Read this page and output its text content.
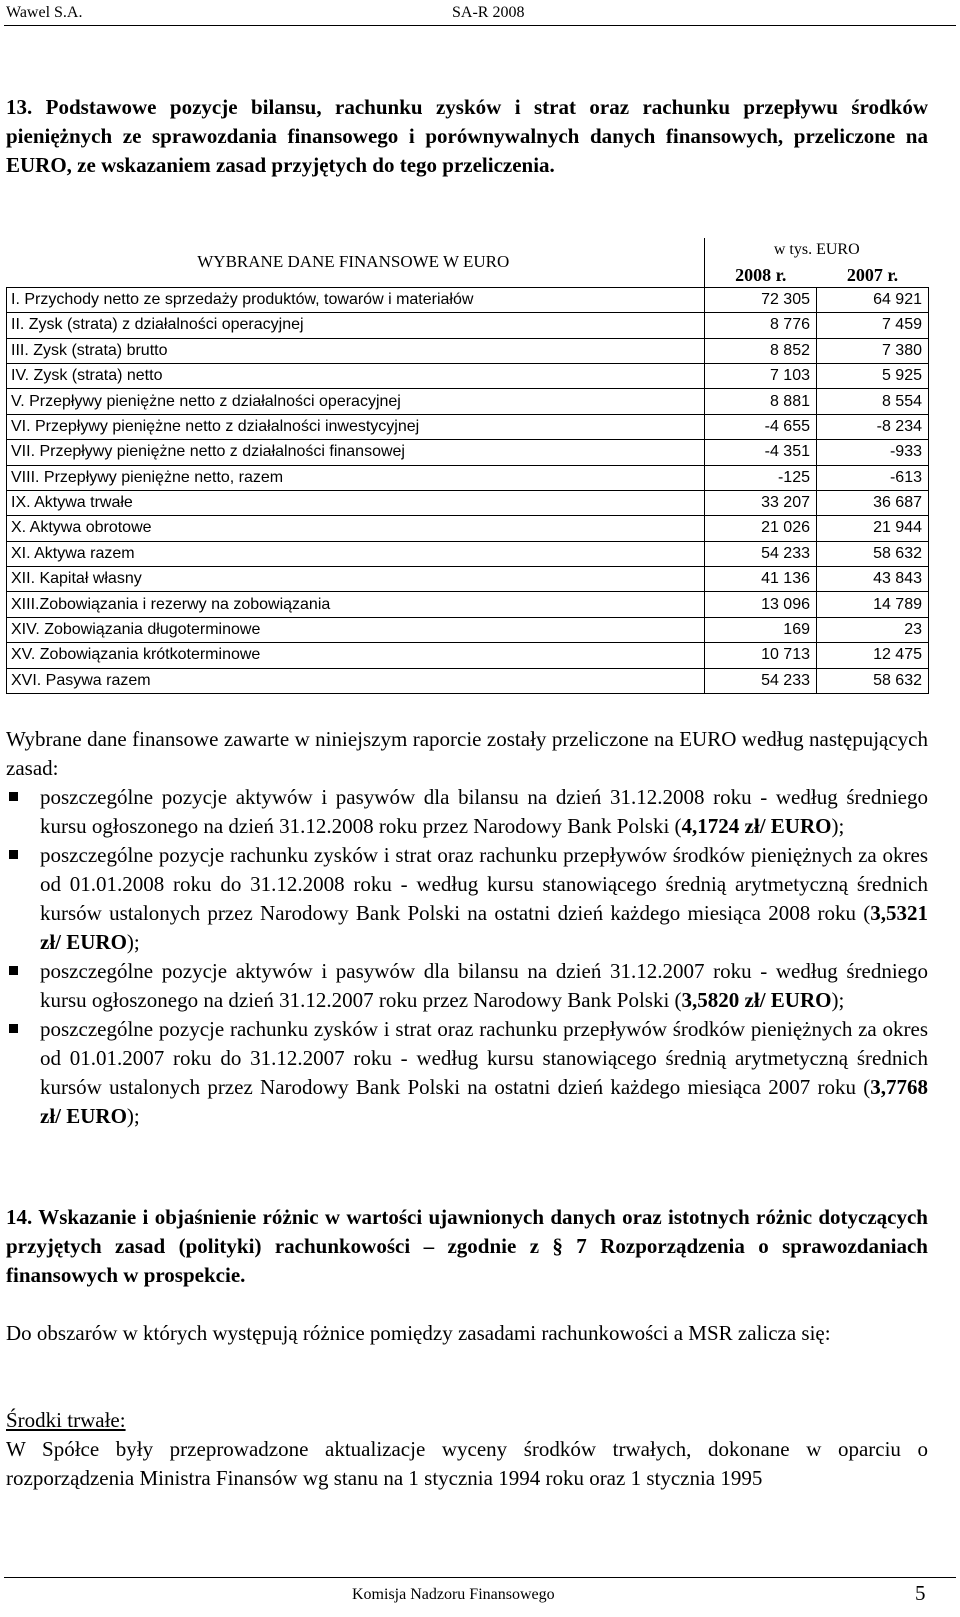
Wawel S.A.	SA-R 2008
13. Podstawowe pozycje bilansu, rachunku zysków i strat oraz rachunku przepływu środków pieniężnych ze sprawozdania finansowego i porównywalnych danych finansowych, przeliczone na EURO, ze wskazaniem zasad przyjętych do tego przeliczenia.
WYBRANE DANE FINANSOWE W EURO	w tys. EURO	
	2008 r.	2007 r.
I. Przychody netto ze sprzedaży produktów, towarów i materiałów	72 305	64 921
II. Zysk (strata) z działalności operacyjnej	8 776	7 459
III. Zysk (strata) brutto	8 852	7 380
IV. Zysk (strata) netto	7 103	5 925
V. Przepływy pieniężne netto z działalności operacyjnej	8 881	8 554
VI. Przepływy pieniężne netto z działalności inwestycyjnej	-4 655	-8 234
VII. Przepływy pieniężne netto z działalności finansowej	-4 351	-933
VIII. Przepływy pieniężne netto, razem	-125	-613
IX. Aktywa trwałe	33 207	36 687
X. Aktywa obrotowe	21 026	21 944
XI. Aktywa razem	54 233	58 632
XII. Kapitał własny	41 136	43 843
XIII.Zobowiązania i rezerwy na zobowiązania	13 096	14 789
XIV. Zobowiązania długoterminowe	169	23
XV. Zobowiązania krótkoterminowe	10 713	12 475
XVI. Pasywa razem	54 233	58 632
Wybrane dane finansowe zawarte w niniejszym raporcie zostały przeliczone na EURO według następujących zasad:
poszczególne pozycje aktywów i pasywów dla bilansu na dzień 31.12.2008 roku - według średniego kursu ogłoszonego na dzień 31.12.2008 roku przez Narodowy Bank Polski (4,1724 zł/ EURO);
poszczególne pozycje rachunku zysków i strat oraz rachunku przepływów środków pieniężnych za okres od 01.01.2008 roku do 31.12.2008 roku - według kursu stanowiącego średnią arytmetyczną średnich kursów ustalonych przez Narodowy Bank Polski na ostatni dzień każdego miesiąca 2008 roku (3,5321 zł/ EURO);
poszczególne pozycje aktywów i pasywów dla bilansu na dzień 31.12.2007 roku - według średniego kursu ogłoszonego na dzień 31.12.2007 roku przez Narodowy Bank Polski (3,5820 zł/ EURO);
poszczególne pozycje rachunku zysków i strat oraz rachunku przepływów środków pieniężnych za okres od 01.01.2007 roku do 31.12.2007 roku - według kursu stanowiącego średnią arytmetyczną średnich kursów ustalonych przez Narodowy Bank Polski na ostatni dzień każdego miesiąca 2007 roku (3,7768 zł/ EURO);
14. Wskazanie i objaśnienie różnic w wartości ujawnionych danych oraz istotnych różnic dotyczących przyjętych zasad (polityki) rachunkowości – zgodnie z § 7 Rozporządzenia o sprawozdaniach finansowych w prospekcie.
Do obszarów w których występują różnice pomiędzy zasadami rachunkowości a MSR zalicza się:
Środki trwałe:
W Spółce były przeprowadzone aktualizacje wyceny środków trwałych, dokonane w oparciu o rozporządzenia Ministra Finansów wg stanu na 1 stycznia 1994 roku oraz 1 stycznia 1995
Komisja Nadzoru Finansowego	5
